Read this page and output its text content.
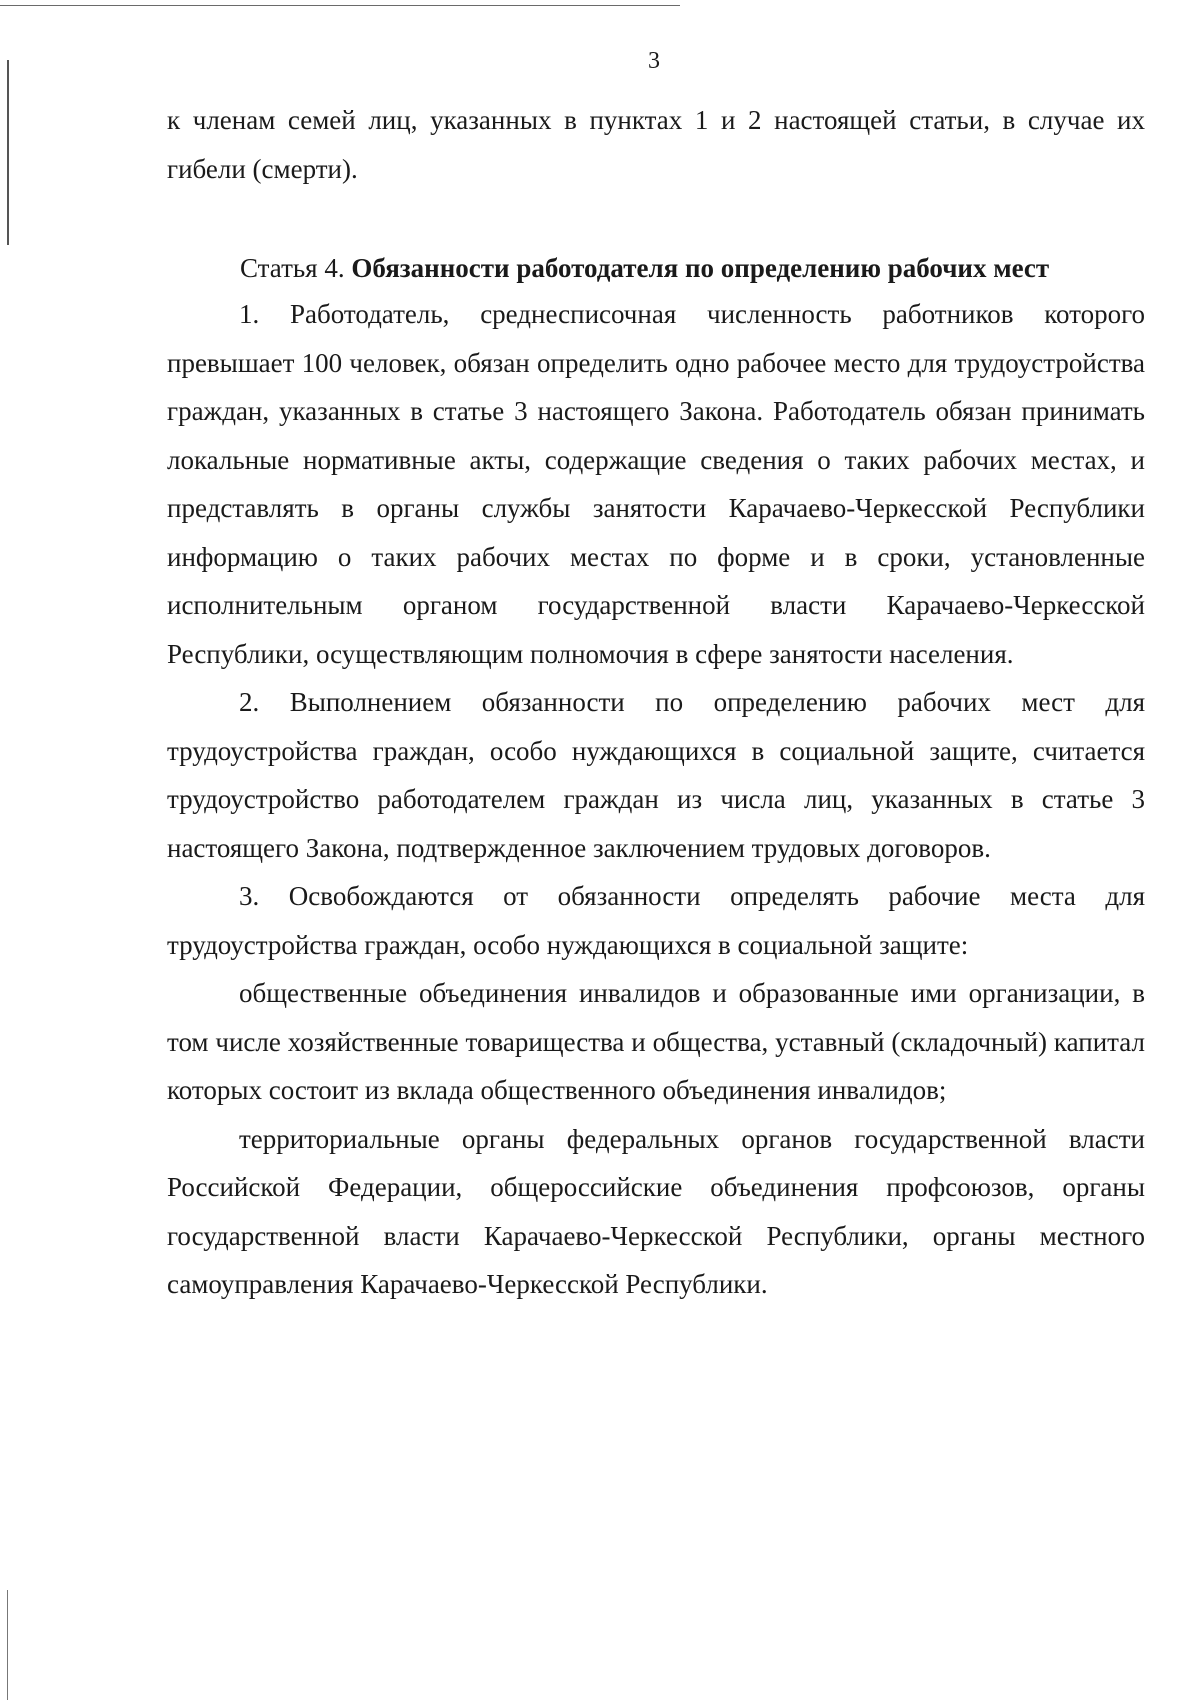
3

к членам семей лиц, указанных в пунктах 1 и 2 настоящей статьи, в случае их гибели (смерти).

Статья 4. Обязанности работодателя по определению рабочих мест

1. Работодатель, среднесписочная численность работников которого превышает 100 человек, обязан определить одно рабочее место для трудоустройства граждан, указанных в статье 3 настоящего Закона. Работодатель обязан принимать локальные нормативные акты, содержащие сведения о таких рабочих местах, и представлять в органы службы занятости Карачаево-Черкесской Республики информацию о таких рабочих местах по форме и в сроки, установленные исполнительным органом государственной власти Карачаево-Черкесской Республики, осуществляющим полномочия в сфере занятости населения.

2. Выполнением обязанности по определению рабочих мест для трудоустройства граждан, особо нуждающихся в социальной защите, считается трудоустройство работодателем граждан из числа лиц, указанных в статье 3 настоящего Закона, подтвержденное заключением трудовых договоров.

3. Освобождаются от обязанности определять рабочие места для трудоустройства граждан, особо нуждающихся в социальной защите:

общественные объединения инвалидов и образованные ими организации, в том числе хозяйственные товарищества и общества, уставный (складочный) капитал которых состоит из вклада общественного объединения инвалидов;

территориальные органы федеральных органов государственной власти Российской Федерации, общероссийские объединения профсоюзов, органы государственной власти Карачаево-Черкесской Республики, органы местного самоуправления Карачаево-Черкесской Республики.
